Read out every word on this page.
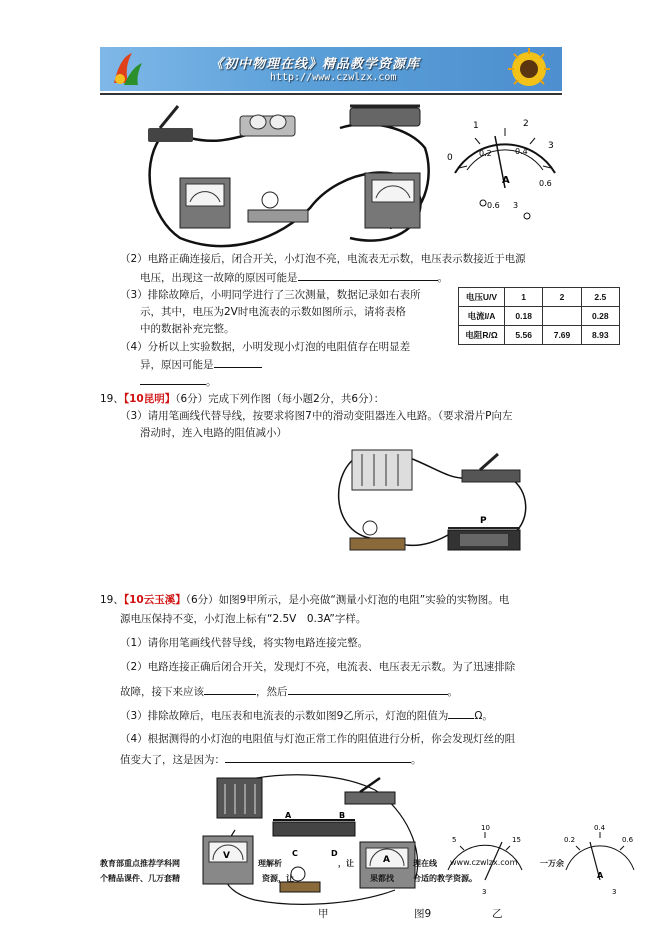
《初中物理在线》精品教学资源库
http://www.czwlzx.com
1	2
3
0	0.2	0.4
0.6
A
0.6 3
（2）电路正确连接后，闭合开关，小灯泡不亮，电流表无示数，电压表示数接近于电源
电压，出现这一故障的原因可能是	。
（3）排除故障后，小明同学进行了三次测量，数据记录如右表所
示，其中，电压为2V时电流表的示数如图所示，请将表格
中的数据补充完整。
（4）分析以上实验数据，小明发现小灯泡的电阻值存在明显差
异，原因可能是
。
电压U/V	1	2	2.5
电流I/A	0.18		0.28
电阻R/Ω	5.56	7.69	8.93
19、【10昆明】（6分）完成下列作图（每小题2分，共6分）：
（3）请用笔画线代替导线，按要求将图7中的滑动变阻器连入电路。（要求滑片P向左
滑动时，连入电路的阻值减小）
P
19、【10云玉溪】（6分）如图9甲所示，是小亮做“测量小灯泡的电阻”实验的实物图。电
源电压保持不变，小灯泡上标有“2.5V　0.3A”字样。
（1）请你用笔画线代替导线，将实物电路连接完整。
（2）电路连接正确后闭合开关，发现灯不亮，电流表、电压表无示数。为了迅速排除
故障，接下来应该	，然后	。
（3）排除故障后，电压表和电流表的示数如图9乙所示，灯泡的阻值为 Ω。
（4）根据测得的小灯泡的电阻值与灯泡正常工作的阻值进行分析，你会发现灯丝的阻
值变大了，这是因为：	。
A	B
C	D
V	A
5
10
15
3
0.2
0.4
0.6
A
3
教育部重点推荐学科网	理解析	，让	理在线 www.czwlzx.com	一万余
个精品课件、几万套精	资源，让	果都找 合适的教学资源。
甲	图9	乙
